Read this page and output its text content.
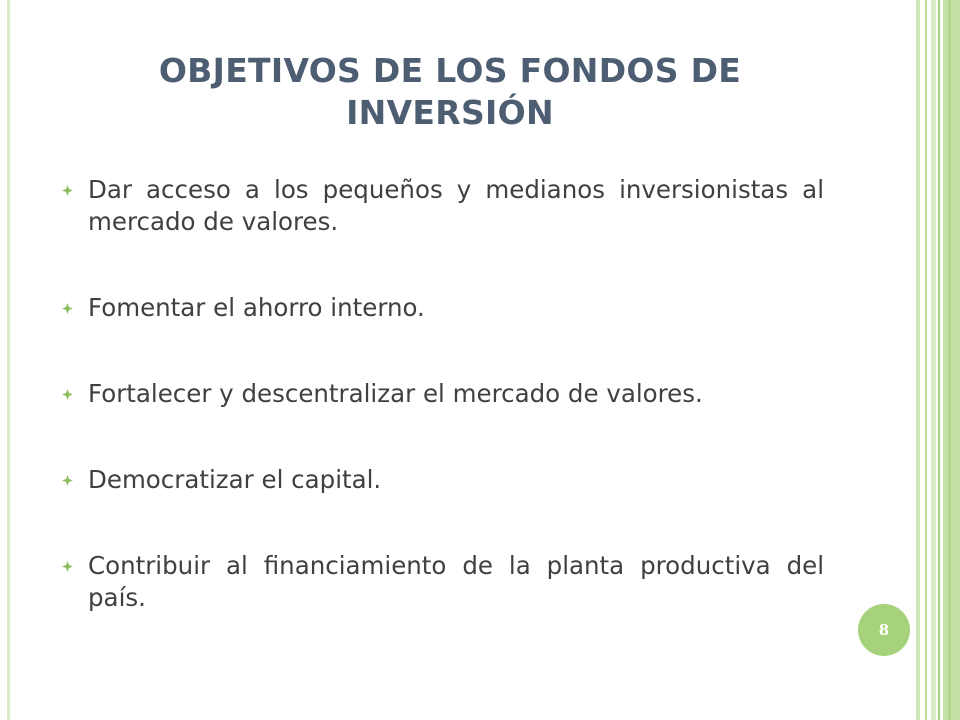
OBJETIVOS DE LOS FONDOS DE INVERSIÓN
Dar acceso a los pequeños y medianos inversionistas al mercado de valores.
Fomentar el ahorro interno.
Fortalecer y descentralizar el mercado de valores.
Democratizar el capital.
Contribuir al financiamiento de la planta productiva del país.
8
